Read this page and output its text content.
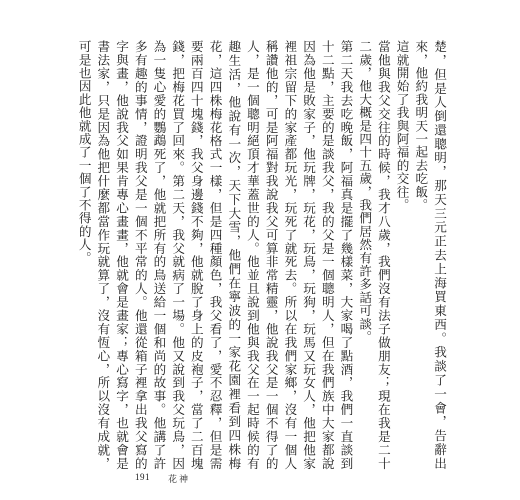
楚，但是人倒還聰明，那天三元正去上海買東西。我談了一會，告辭出來，他約我明天一起去吃飯。

這就開始了我與阿福的交往。

當他與我父交往的時候，我才八歲，我們沒有法子做朋友；現在我是二十二歲，他大概是四十五歲，我們居然有許多話可談。

第二天我去吃晚飯，阿福真是擺了幾樣菜，大家喝了點酒，我們一直談到十二點，主要的是談我父，我的父是一個聰明人，但在我們族中大家都說因為他是敗家子，他玩牌，玩花，玩鳥，玩狗，玩馬又玩女人，他把他家裡祖宗留下的家產都玩光，玩死了就死去。所以在我們家鄉，沒有一個人稱讚他的，可是阿福對我說我父可算非常精靈，他說我父是一個不得了的人，是一個聰明絕頂才華蓋世的人。他並且說到他與我父在一起時候的有趣生活，他說有一次，天下大雪，他們在寧波的一家花園裡看到四株梅花，這四株梅花格式一樣，但是四種顏色，我父看了，愛不忍釋，但是需要兩百四十塊錢，我父身邊錢不夠，他就脫了身上的皮袍子，當了二百塊錢，把梅花買了回來。第二天，我父就病了一場。他又說到我父玩鳥，因為一隻心愛的鸚鵡死了，他就把所有的鳥送給一個和尚的故事。他講了許多有趣的事情，證明我父是一個不平常的人。他還從箱子裡拿出我父寫的字與畫，他說我父如果肯專心畫畫，他就會是畫家；專心寫字，也就會是書法家，只是因為他把什麼都當作玩就算了，沒有恆心，所以沒有成就，可是也因此他就成了一個了不得的人。

191 花神
